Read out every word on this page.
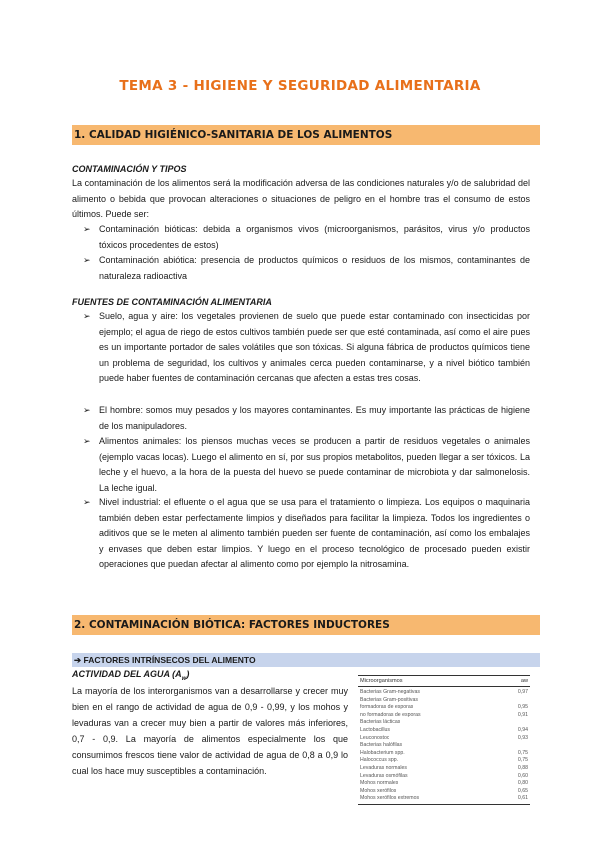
TEMA 3 - HIGIENE Y SEGURIDAD ALIMENTARIA
1. CALIDAD HIGIÉNICO-SANITARIA DE LOS ALIMENTOS
CONTAMINACIÓN Y TIPOS
La contaminación de los alimentos será la modificación adversa de las condiciones naturales y/o de salubridad del alimento o bebida que provocan alteraciones o situaciones de peligro en el hombre tras el consumo de estos últimos. Puede ser:
➢ Contaminación bióticas: debida a organismos vivos (microorganismos, parásitos, virus y/o productos tóxicos procedentes de estos)
➢ Contaminación abiótica: presencia de productos químicos o residuos de los mismos, contaminantes de naturaleza radioactiva
FUENTES DE CONTAMINACIÓN ALIMENTARIA
➢ Suelo, agua y aire: los vegetales provienen de suelo que puede estar contaminado con insecticidas por ejemplo; el agua de riego de estos cultivos también puede ser que esté contaminada, así como el aire pues es un importante portador de sales volátiles que son tóxicas. Si alguna fábrica de productos químicos tiene un problema de seguridad, los cultivos y animales cerca pueden contaminarse, y a nivel biótico también puede haber fuentes de contaminación cercanas que afecten a estas tres cosas.
➢ El hombre: somos muy pesados y los mayores contaminantes. Es muy importante las prácticas de higiene de los manipuladores.
➢ Alimentos animales: los piensos muchas veces se producen a partir de residuos vegetales o animales (ejemplo vacas locas). Luego el alimento en sí, por sus propios metabolitos, pueden llegar a ser tóxicos. La leche y el huevo, a la hora de la puesta del huevo se puede contaminar de microbiota y dar salmonelosis. La leche igual.
➢ Nivel industrial: el efluente o el agua que se usa para el tratamiento o limpieza. Los equipos o maquinaria también deben estar perfectamente limpios y diseñados para facilitar la limpieza. Todos los ingredientes o aditivos que se le meten al alimento también pueden ser fuente de contaminación, así como los embalajes y envases que deben estar limpios. Y luego en el proceso tecnológico de procesado pueden existir operaciones que puedan afectar al alimento como por ejemplo la nitrosamina.
2. CONTAMINACIÓN BIÓTICA: FACTORES INDUCTORES
➔ FACTORES INTRÍNSECOS DEL ALIMENTO
ACTIVIDAD DEL AGUA $(A_w)$
La mayoría de los interorganismos van a desarrollarse y crecer muy bien en el rango de actividad de agua de 0,9 - 0,99, y los mohos y levaduras van a crecer muy bien a partir de valores más inferiores, 0,7 - 0,9. La mayoría de alimentos especialmente los que consumimos frescos tiene valor de actividad de agua de 0,8 a 0,9 lo cual los hace muy susceptibles a contaminación.
Microorganismos	aw
Bacterias Gram-negativas	0,97
Bacterias Gram-positivas
formadoras de esporas	0,95
no formadoras de esporas	0,91
Bacterias lácticas
Lactobacillus	0,94
Leuconostoc	0,93
Bacterias halófilas
Halobacterium spp.	0,75
Halococcus spp.	0,75
Levaduras normales	0,88
Levaduras osmófilas	0,60
Mohos normales	0,80
Mohos xerófilos	0,65
Mohos xerófilos extremos	0,61
